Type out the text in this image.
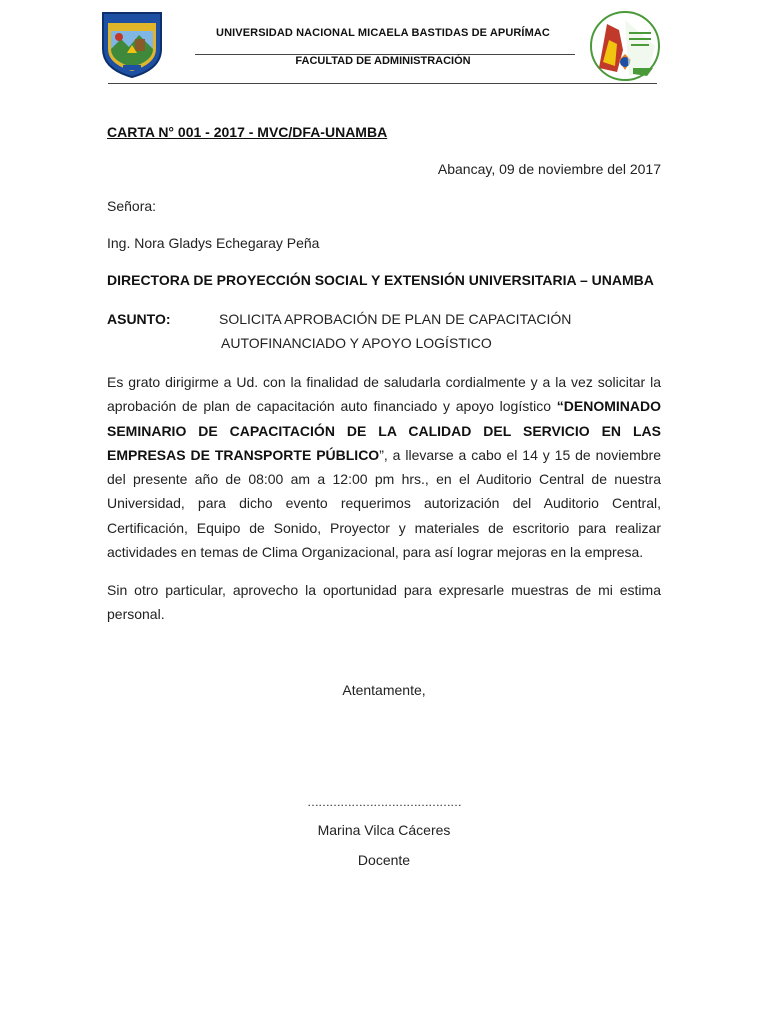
UNIVERSIDAD NACIONAL MICAELA BASTIDAS DE APURÍMAC
FACULTAD DE ADMINISTRACIÓN
CARTA N° 001 - 2017 - MVC/DFA-UNAMBA
Abancay, 09 de noviembre del 2017
Señora:
Ing. Nora Gladys Echegaray Peña
DIRECTORA DE PROYECCIÓN SOCIAL Y EXTENSIÓN UNIVERSITARIA – UNAMBA
ASUNTO:	SOLICITA APROBACIÓN DE PLAN DE CAPACITACIÓN
AUTOFINANCIADO Y APOYO LOGÍSTICO
Es grato dirigirme a Ud. con la finalidad de saludarla cordialmente y a la vez solicitar la aprobación de plan de capacitación auto financiado y apoyo logístico “DENOMINADO SEMINARIO DE CAPACITACIÓN DE LA CALIDAD DEL SERVICIO EN LAS EMPRESAS DE TRANSPORTE PÚBLICO”, a llevarse a cabo el 14 y 15 de noviembre del presente año de 08:00 am a 12:00 pm hrs., en el Auditorio Central de nuestra Universidad, para dicho evento requerimos autorización del Auditorio Central, Certificación, Equipo de Sonido, Proyector y materiales de escritorio para realizar actividades en temas de Clima Organizacional, para así lograr mejoras en la empresa.
Sin otro particular, aprovecho la oportunidad para expresarle muestras de mi estima personal.
Atentamente,
……………………………………
Marina Vilca Cáceres
Docente
